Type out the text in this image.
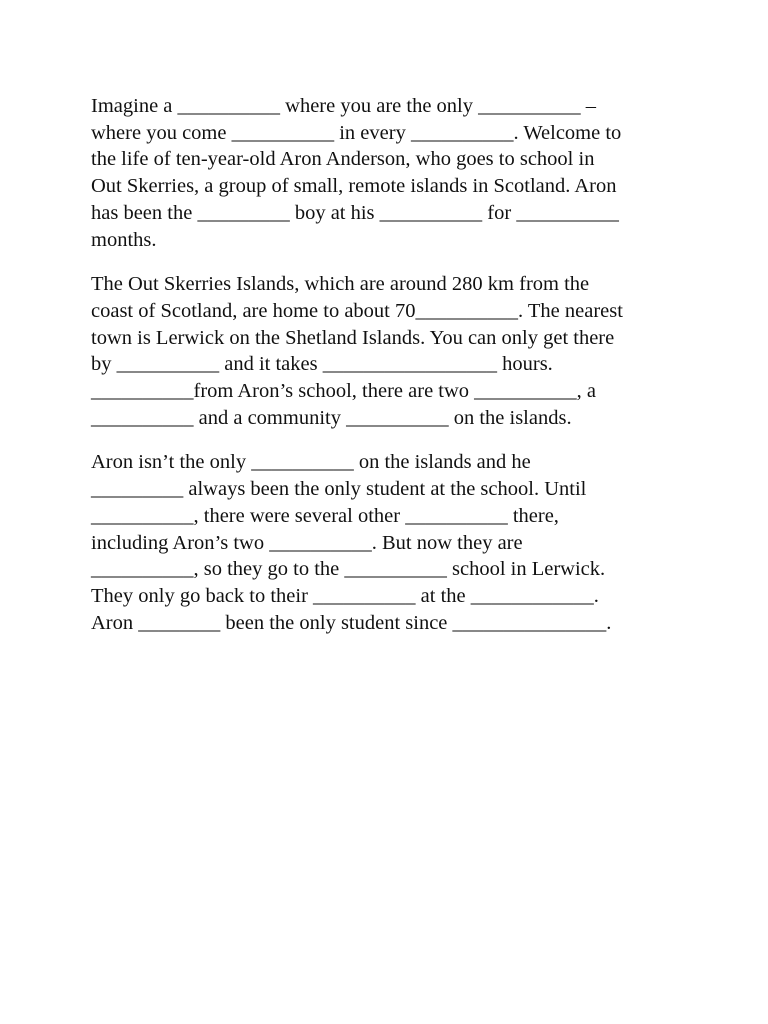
Imagine a __________ where you are the only __________ –
where you come __________ in every __________. Welcome to
the life of ten-year-old Aron Anderson, who goes to school in
Out Skerries, a group of small, remote islands in Scotland. Aron
has been the _________ boy at his __________ for __________
months.

The Out Skerries Islands, which are around 280 km from the
coast of Scotland, are home to about 70__________. The nearest
town is Lerwick on the Shetland Islands. You can only get there
by __________ and it takes _________________ hours.
__________from Aron’s school, there are two __________, a
__________ and a community __________ on the islands.

Aron isn’t the only __________ on the islands and he
_________ always been the only student at the school. Until
__________, there were several other __________ there,
including Aron’s two __________. But now they are
__________, so they go to the __________ school in Lerwick.
They only go back to their __________ at the ____________.
Aron ________ been the only student since _______________.
